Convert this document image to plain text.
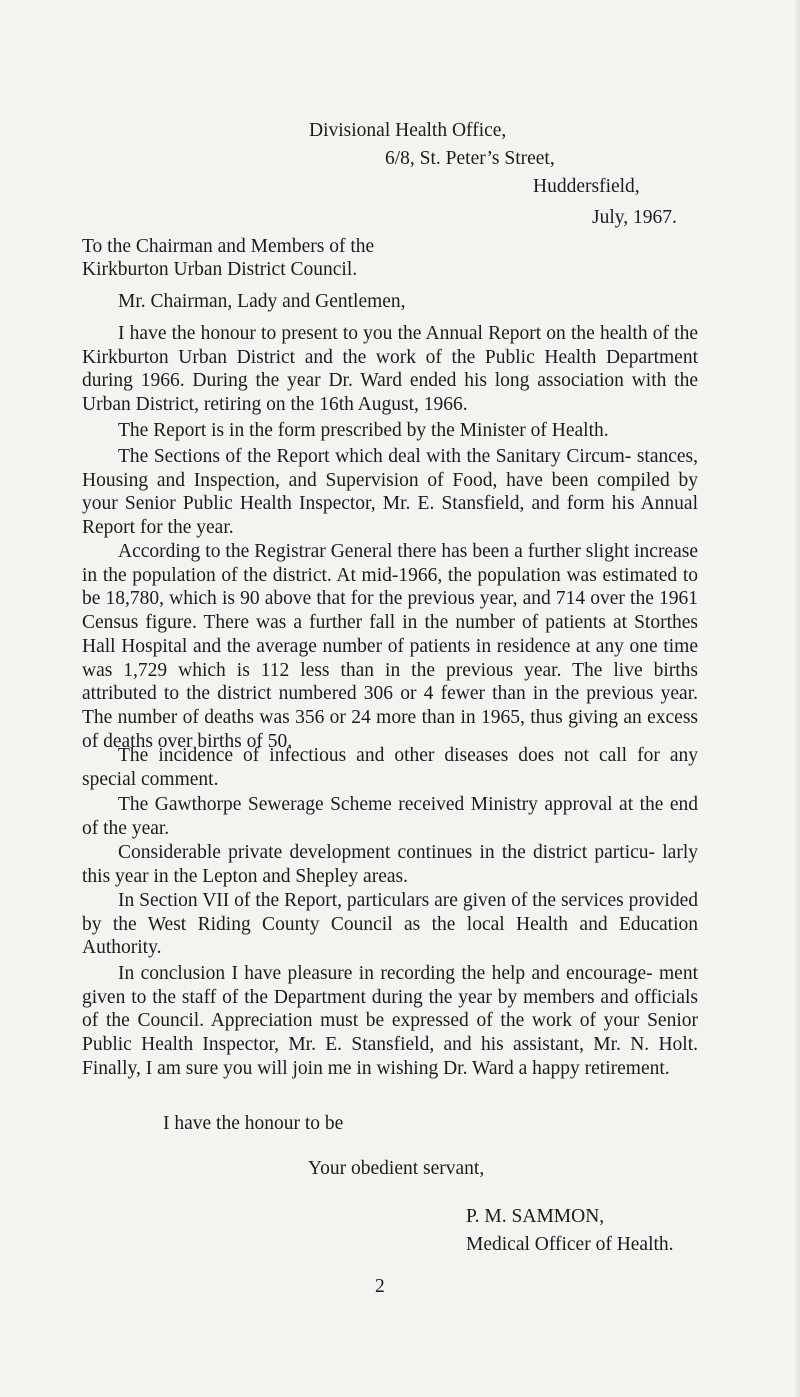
Divisional Health Office,
6/8, St. Peter’s Street,
Huddersfield,
July, 1967.
To the Chairman and Members of the
Kirkburton Urban District Council.
Mr. Chairman, Lady and Gentlemen,
I have the honour to present to you the Annual Report on the health of the Kirkburton Urban District and the work of the Public Health Department during 1966. During the year Dr. Ward ended his long association with the Urban District, retiring on the 16th August, 1966.
The Report is in the form prescribed by the Minister of Health.
The Sections of the Report which deal with the Sanitary Circum- stances, Housing and Inspection, and Supervision of Food, have been compiled by your Senior Public Health Inspector, Mr. E. Stansfield, and form his Annual Report for the year.
According to the Registrar General there has been a further slight increase in the population of the district. At mid-1966, the population was estimated to be 18,780, which is 90 above that for the previous year, and 714 over the 1961 Census figure. There was a further fall in the number of patients at Storthes Hall Hospital and the average number of patients in residence at any one time was 1,729 which is 112 less than in the previous year. The live births attributed to the district numbered 306 or 4 fewer than in the previous year. The number of deaths was 356 or 24 more than in 1965, thus giving an excess of deaths over births of 50.
The incidence of infectious and other diseases does not call for any special comment.
The Gawthorpe Sewerage Scheme received Ministry approval at the end of the year.
Considerable private development continues in the district particu- larly this year in the Lepton and Shepley areas.
In Section VII of the Report, particulars are given of the services provided by the West Riding County Council as the local Health and Education Authority.
In conclusion I have pleasure in recording the help and encourage- ment given to the staff of the Department during the year by members and officials of the Council. Appreciation must be expressed of the work of your Senior Public Health Inspector, Mr. E. Stansfield, and his assistant, Mr. N. Holt. Finally, I am sure you will join me in wishing Dr. Ward a happy retirement.
I have the honour to be
Your obedient servant,
P. M. SAMMON,
Medical Officer of Health.
2
